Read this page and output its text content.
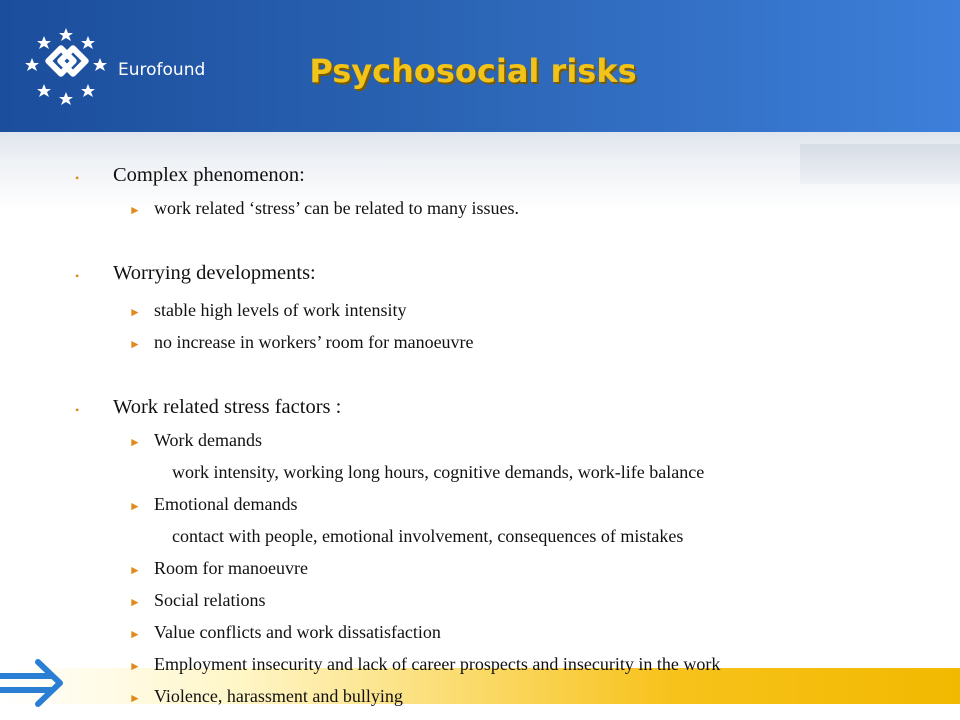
Eurofound	Psychosocial risks
• Complex phenomenon:
► work related ‘stress’ can be related to many issues.
• Worrying developments:
► stable high levels of work intensity
► no increase in workers’ room for manoeuvre
• Work related stress factors :
► Work demands
work intensity, working long hours, cognitive demands, work-life balance
► Emotional demands
contact with people, emotional involvement, consequences of mistakes
► Room for manoeuvre
► Social relations
► Value conflicts and work dissatisfaction
► Employment insecurity and lack of career prospects and insecurity in the work
► Violence, harassment and bullying
